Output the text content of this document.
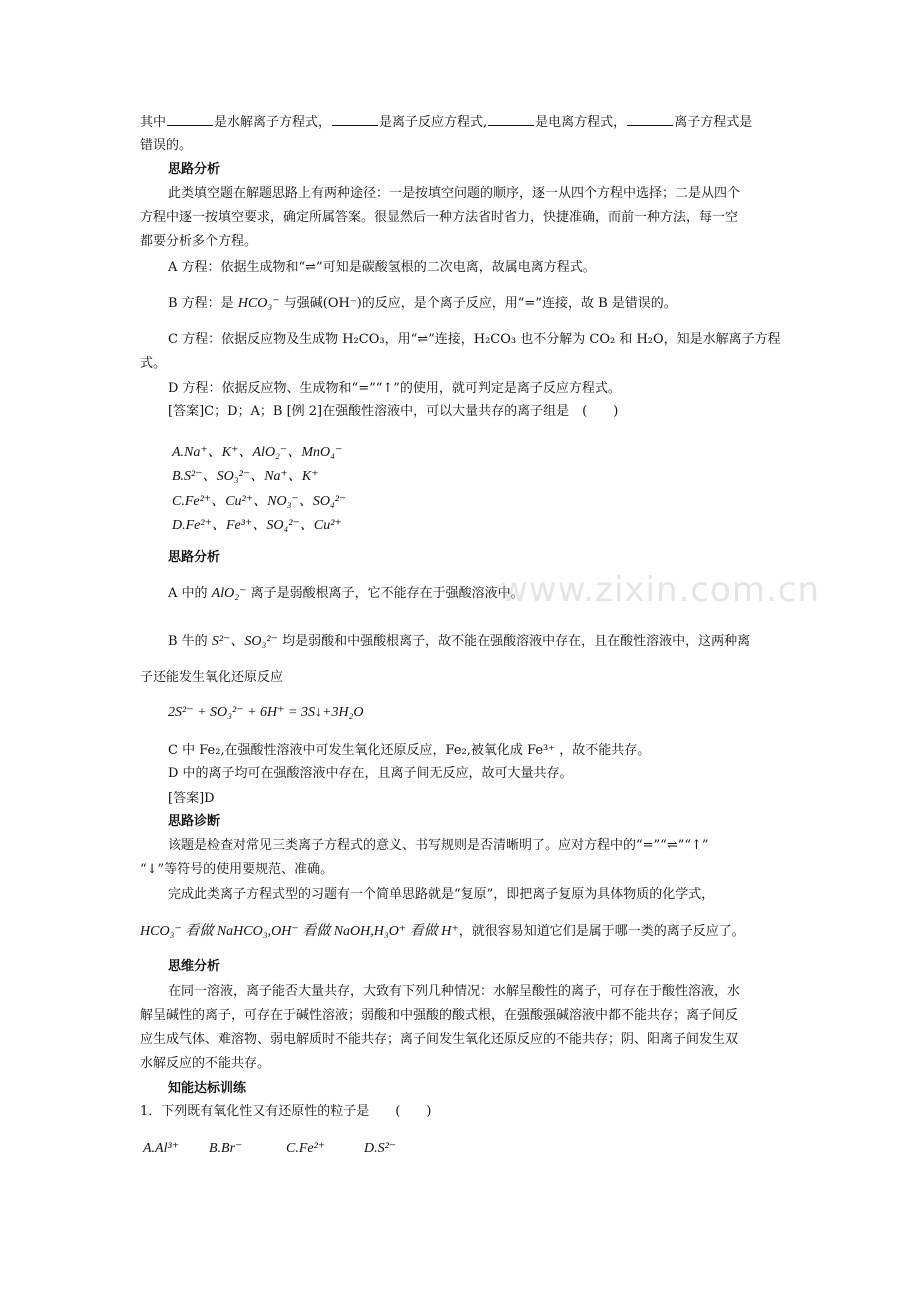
其中	是水解离子方程式，	是离子反应方程式,	是电离方程式，	离子方程式是
错误的。
思路分析
此类填空题在解题思路上有两种途径：一是按填空问题的顺序，逐一从四个方程中选择；二是从四个
方程中逐一按填空要求，确定所属答案。很显然后一种方法省时省力，快捷准确，而前一种方法，每一空
都要分析多个方程。
A 方程：依据生成物和“⇌”可知是碳酸氢根的二次电离，故属电离方程式。
B 方程：是 HCO₃⁻ 与强碱(OH⁻)的反应，是个离子反应，用“=”连接，故 B 是错误的。
C 方程：依据反应物及生成物 H₂CO₃，用“⇌”连接，H₂CO₃ 也不分解为 CO₂ 和 H₂O，知是水解离子方程
式。
D 方程：依据反应物、生成物和“=”“↑”的使用，就可判定是离子反应方程式。
[答案]C；D；A；B [例 2]在强酸性溶液中，可以大量共存的离子组是　(　　)
A.Na⁺、K⁺、AlO₂⁻、MnO₄⁻
B.S²⁻、SO₃²⁻、Na⁺、K⁺
C.Fe²⁺、Cu²⁺、NO₃⁻、SO₄²⁻
D.Fe²⁺、Fe³⁺、SO₄²⁻、Cu²⁺
思路分析
A 中的 AlO₂⁻ 离子是弱酸根离子，它不能存在于强酸溶液中。
B 牛的 S²⁻、SO₃²⁻ 均是弱酸和中强酸根离子，故不能在强酸溶液中存在，且在酸性溶液中，这两种离
子还能发生氧化还原反应
2S²⁻ + SO₃²⁻ + 6H⁺ = 3S↓+3H₂O
C 中 Fe₂,在强酸性溶液中可发生氧化还原反应，Fe₂,被氧化成 Fe³⁺ ，故不能共存。
D 中的离子均可在强酸溶液中存在，且离子间无反应，故可大量共存。
[答案]D
思路诊断
该题是检查对常见三类离子方程式的意义、书写规则是否清晰明了。应对方程中的“=”“⇌”“↑”
“↓”等符号的使用要规范、准确。
完成此类离子方程式型的习题有一个简单思路就是“复原”，即把离子复原为具体物质的化学式，
HCO₃⁻ 看做 NaHCO₃,OH⁻ 看做 NaOH,H₃O⁺ 看做 H⁺，就很容易知道它们是属于哪一类的离子反应了。
思维分析
在同一溶液，离子能否大量共存，大致有下列几种情况：水解呈酸性的离子，可存在于酸性溶液，水
解呈碱性的离子，可存在于碱性溶液；弱酸和中强酸的酸式根，在强酸强碱溶液中都不能共存；离子间反
应生成气体、难溶物、弱电解质时不能共存；离子间发生氧化还原反应的不能共存；阴、阳离子间发生双
水解反应的不能共存。
知能达标训练
1．下列既有氧化性又有还原性的粒子是　　(　　)
A.Al³⁺ B.Br⁻	C.Fe²⁺	D.S²⁻
www.zixin.com.cn
